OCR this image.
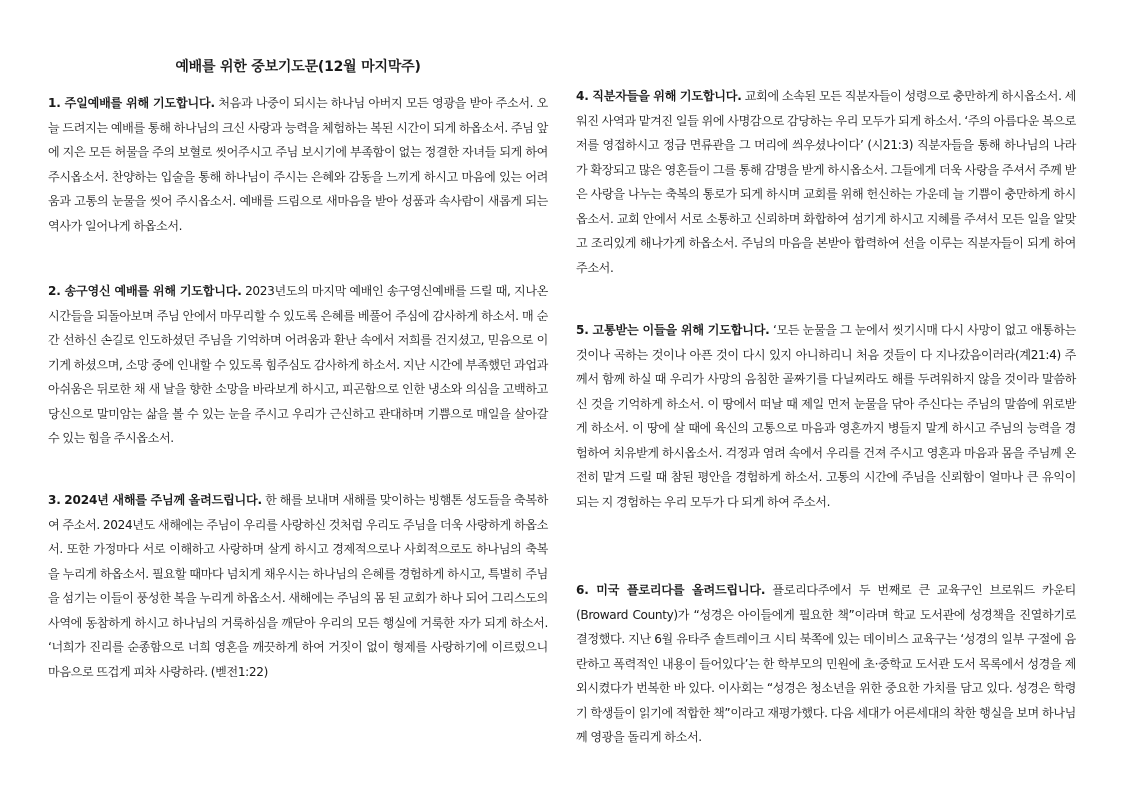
예배를 위한 중보기도문(12월 마지막주)

1. 주일예배를 위해 기도합니다. 처음과 나중이 되시는 하나님 아버지 모든 영광을 받아 주소서. 오늘 드려지는 예배를 통해 하나님의 크신 사랑과 능력을 체험하는 복된 시간이 되게 하옵소서. 주님 앞에 지은 모든 허물을 주의 보혈로 씻어주시고 주님 보시기에 부족함이 없는 정결한 자녀들 되게 하여 주시옵소서. 찬양하는 입술을 통해 하나님이 주시는 은혜와 감동을 느끼게 하시고 마음에 있는 어려움과 고통의 눈물을 씻어 주시옵소서. 예배를 드림으로 새마음을 받아 성품과 속사람이 새롭게 되는 역사가 일어나게 하옵소서.

2. 송구영신 예배를 위해 기도합니다. 2023년도의 마지막 예배인 송구영신예배를 드릴 때, 지나온 시간들을 되돌아보며 주님 안에서 마무리할 수 있도록 은혜를 베풀어 주심에 감사하게 하소서. 매 순간 선하신 손길로 인도하셨던 주님을 기억하며 어려움과 환난 속에서 저희를 건지셨고, 믿음으로 이기게 하셨으며, 소망 중에 인내할 수 있도록 힘주심도 감사하게 하소서. 지난 시간에 부족했던 과업과 아쉬움은 뒤로한 채 새 날을 향한 소망을 바라보게 하시고, 피곤함으로 인한 냉소와 의심을 고백하고 당신으로 말미암는 삶을 볼 수 있는 눈을 주시고 우리가 근신하고 관대하며 기쁨으로 매일을 살아갈 수 있는 힘을 주시옵소서.

3. 2024년 새해를 주님께 올려드립니다. 한 해를 보내며 새해를 맞이하는 빙햄톤 성도들을 축복하여 주소서. 2024년도 새해에는 주님이 우리를 사랑하신 것처럼 우리도 주님을 더욱 사랑하게 하옵소서. 또한 가정마다 서로 이해하고 사랑하며 살게 하시고 경제적으로나 사회적으로도 하나님의 축복을 누리게 하옵소서. 필요할 때마다 넘치게 채우시는 하나님의 은혜를 경험하게 하시고, 특별히 주님을 섬기는 이들이 풍성한 복을 누리게 하옵소서. 새해에는 주님의 몸 된 교회가 하나 되어 그리스도의 사역에 동참하게 하시고 하나님의 거룩하심을 깨닫아 우리의 모든 행실에 거룩한 자가 되게 하소서. ‘너희가 진리를 순종함으로 너희 영혼을 깨끗하게 하여 거짓이 없이 형제를 사랑하기에 이르렀으니 마음으로 뜨겁게 피차 사랑하라. (벧전1:22)

4. 직분자들을 위해 기도합니다. 교회에 소속된 모든 직분자들이 성령으로 충만하게 하시옵소서. 세워진 사역과 맡겨진 일들 위에 사명감으로 감당하는 우리 모두가 되게 하소서. ‘주의 아름다운 복으로 저를 영접하시고 정금 면류관을 그 머리에 씌우셨나이다’ (시21:3) 직분자들을 통해 하나님의 나라가 확장되고 많은 영혼들이 그를 통해 감명을 받게 하시옵소서. 그들에게 더욱 사랑을 주셔서 주께 받은 사랑을 나누는 축복의 통로가 되게 하시며 교회를 위해 헌신하는 가운데 늘 기쁨이 충만하게 하시옵소서. 교회 안에서 서로 소통하고 신뢰하며 화합하여 섬기게 하시고 지혜를 주셔서 모든 일을 알맞고 조리있게 해나가게 하옵소서. 주님의 마음을 본받아 합력하여 선을 이루는 직분자들이 되게 하여 주소서.

5. 고통받는 이들을 위해 기도합니다. ‘모든 눈물을 그 눈에서 씻기시매 다시 사망이 없고 애통하는 것이나 곡하는 것이나 아픈 것이 다시 있지 아니하리니 처음 것들이 다 지나갔음이러라(계21:4) 주께서 함께 하실 때 우리가 사망의 음침한 골짜기를 다닐찌라도 해를 두려워하지 않을 것이라 말씀하신 것을 기억하게 하소서. 이 땅에서 떠날 때 제일 먼저 눈물을 닦아 주신다는 주님의 말씀에 위로받게 하소서. 이 땅에 살 때에 육신의 고통으로 마음과 영혼까지 병들지 말게 하시고 주님의 능력을 경험하여 치유받게 하시옵소서. 걱정과 염려 속에서 우리를 건져 주시고 영혼과 마음과 몸을 주님께 온전히 맡겨 드릴 때 참된 평안을 경험하게 하소서. 고통의 시간에 주님을 신뢰함이 얼마나 큰 유익이 되는 지 경험하는 우리 모두가 다 되게 하여 주소서.

6. 미국 플로리다를 올려드립니다. 플로리다주에서 두 번째로 큰 교육구인 브로워드 카운티(Broward County)가 “성경은 아이들에게 필요한 책”이라며 학교 도서관에 성경책을 진열하기로 결정했다. 지난 6월 유타주 솔트레이크 시티 북쪽에 있는 데이비스 교육구는 ‘성경의 일부 구절에 음란하고 폭력적인 내용이 들어있다’는 한 학부모의 민원에 초·중학교 도서관 도서 목록에서 성경을 제외시켰다가 번복한 바 있다. 이사회는 “성경은 청소년을 위한 중요한 가치를 담고 있다. 성경은 학령기 학생들이 읽기에 적합한 책”이라고 재평가했다. 다음 세대가 어른세대의 착한 행실을 보며 하나님께 영광을 돌리게 하소서.
